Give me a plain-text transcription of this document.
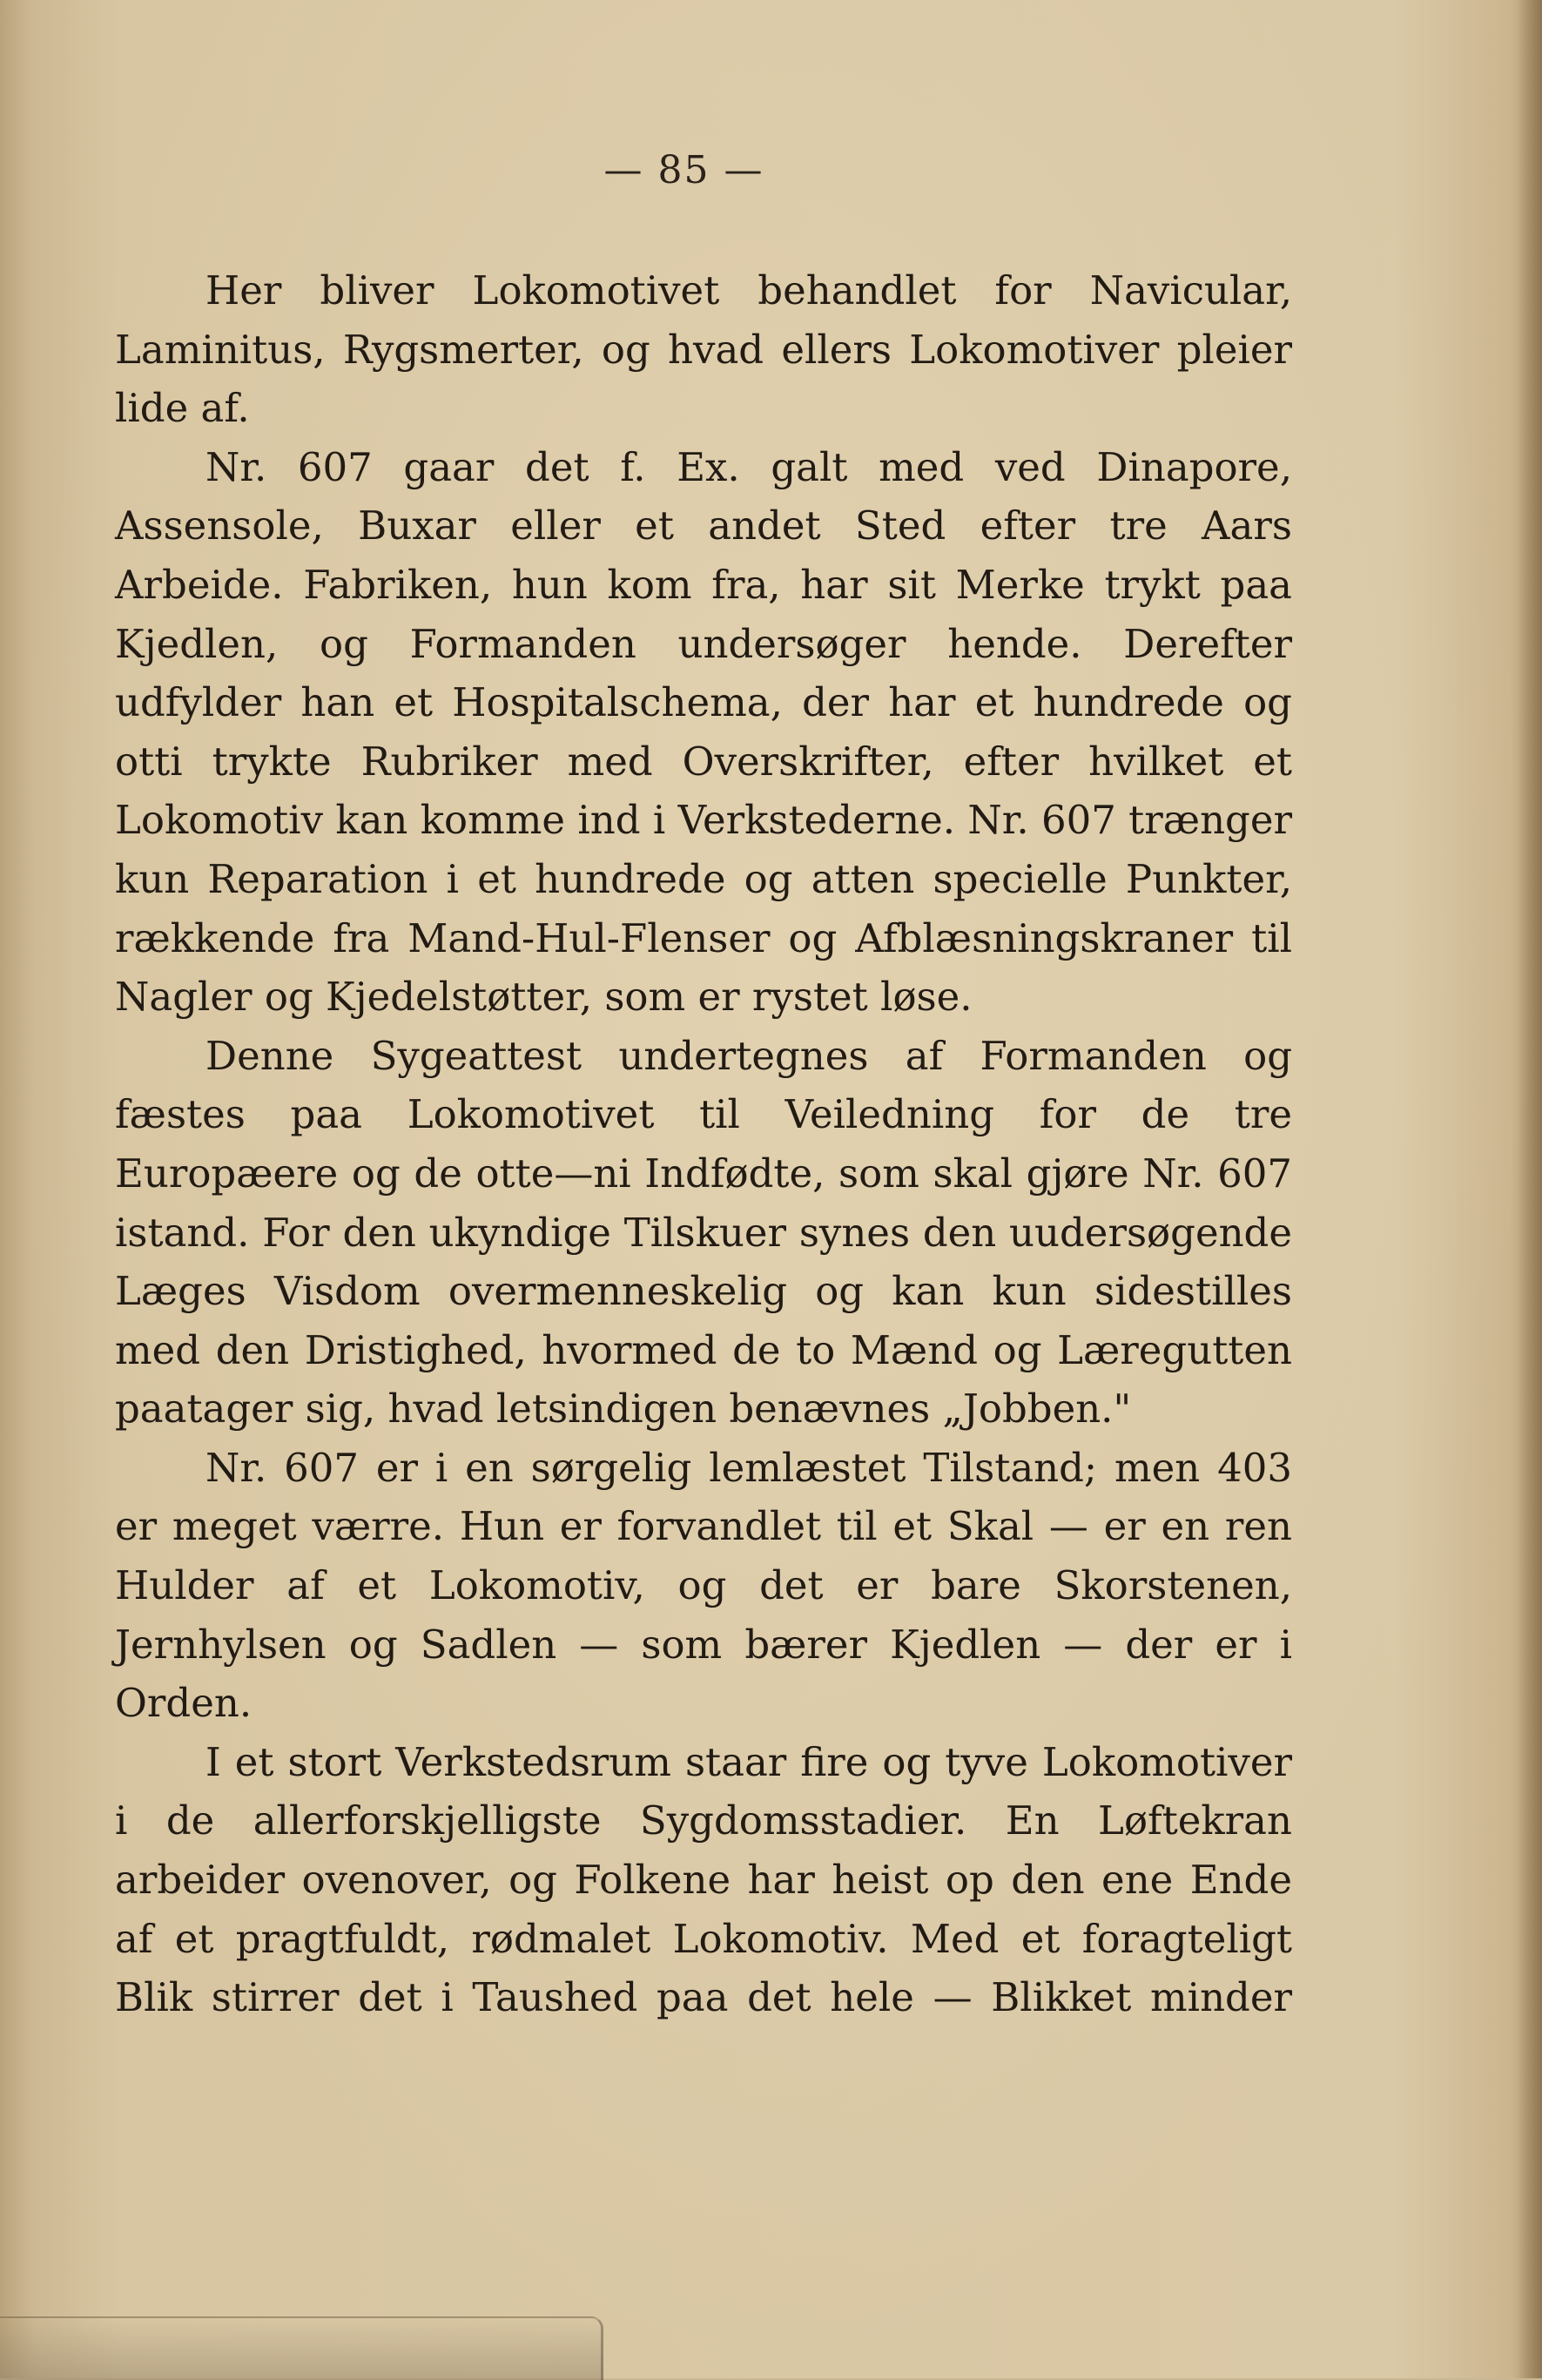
— 85 —

Her bliver Lokomotivet behandlet for Navicular, Laminitus, Rygsmerter, og hvad ellers Lokomotiver pleier lide af.

Nr. 607 gaar det f. Ex. galt med ved Dinapore, Assensole, Buxar eller et andet Sted efter tre Aars Arbeide. Fabriken, hun kom fra, har sit Merke trykt paa Kjedlen, og Formanden undersøger hende. Derefter udfylder han et Hospitalschema, der har et hundrede og otti trykte Rubriker med Overskrifter, efter hvilket et Lokomotiv kan komme ind i Verkstederne. Nr. 607 trænger kun Reparation i et hundrede og atten specielle Punkter, rækkende fra Mand-Hul-Flenser og Afblæsningskraner til Nagler og Kjedelstøtter, som er rystet løse.

Denne Sygeattest undertegnes af Formanden og fæstes paa Lokomotivet til Veiledning for de tre Europæere og de otte—ni Indfødte, som skal gjøre Nr. 607 istand. For den ukyndige Tilskuer synes den uudersøgende Læges Visdom overmenneskelig og kan kun sidestilles med den Dristighed, hvormed de to Mænd og Læregutten paatager sig, hvad letsindigen benævnes „Jobben."

Nr. 607 er i en sørgelig lemlæstet Tilstand; men 403 er meget værre. Hun er forvandlet til et Skal — er en ren Hulder af et Lokomotiv, og det er bare Skorstenen, Jernhylsen og Sadlen — som bærer Kjedlen — der er i Orden.

I et stort Verkstedsrum staar fire og tyve Lokomotiver i de allerforskjelligste Sygdomsstadier. En Løftekran arbeider ovenover, og Folkene har heist op den ene Ende af et pragtfuldt, rødmalet Lokomotiv. Med et foragteligt Blik stirrer det i Taushed paa det hele — Blikket minder
